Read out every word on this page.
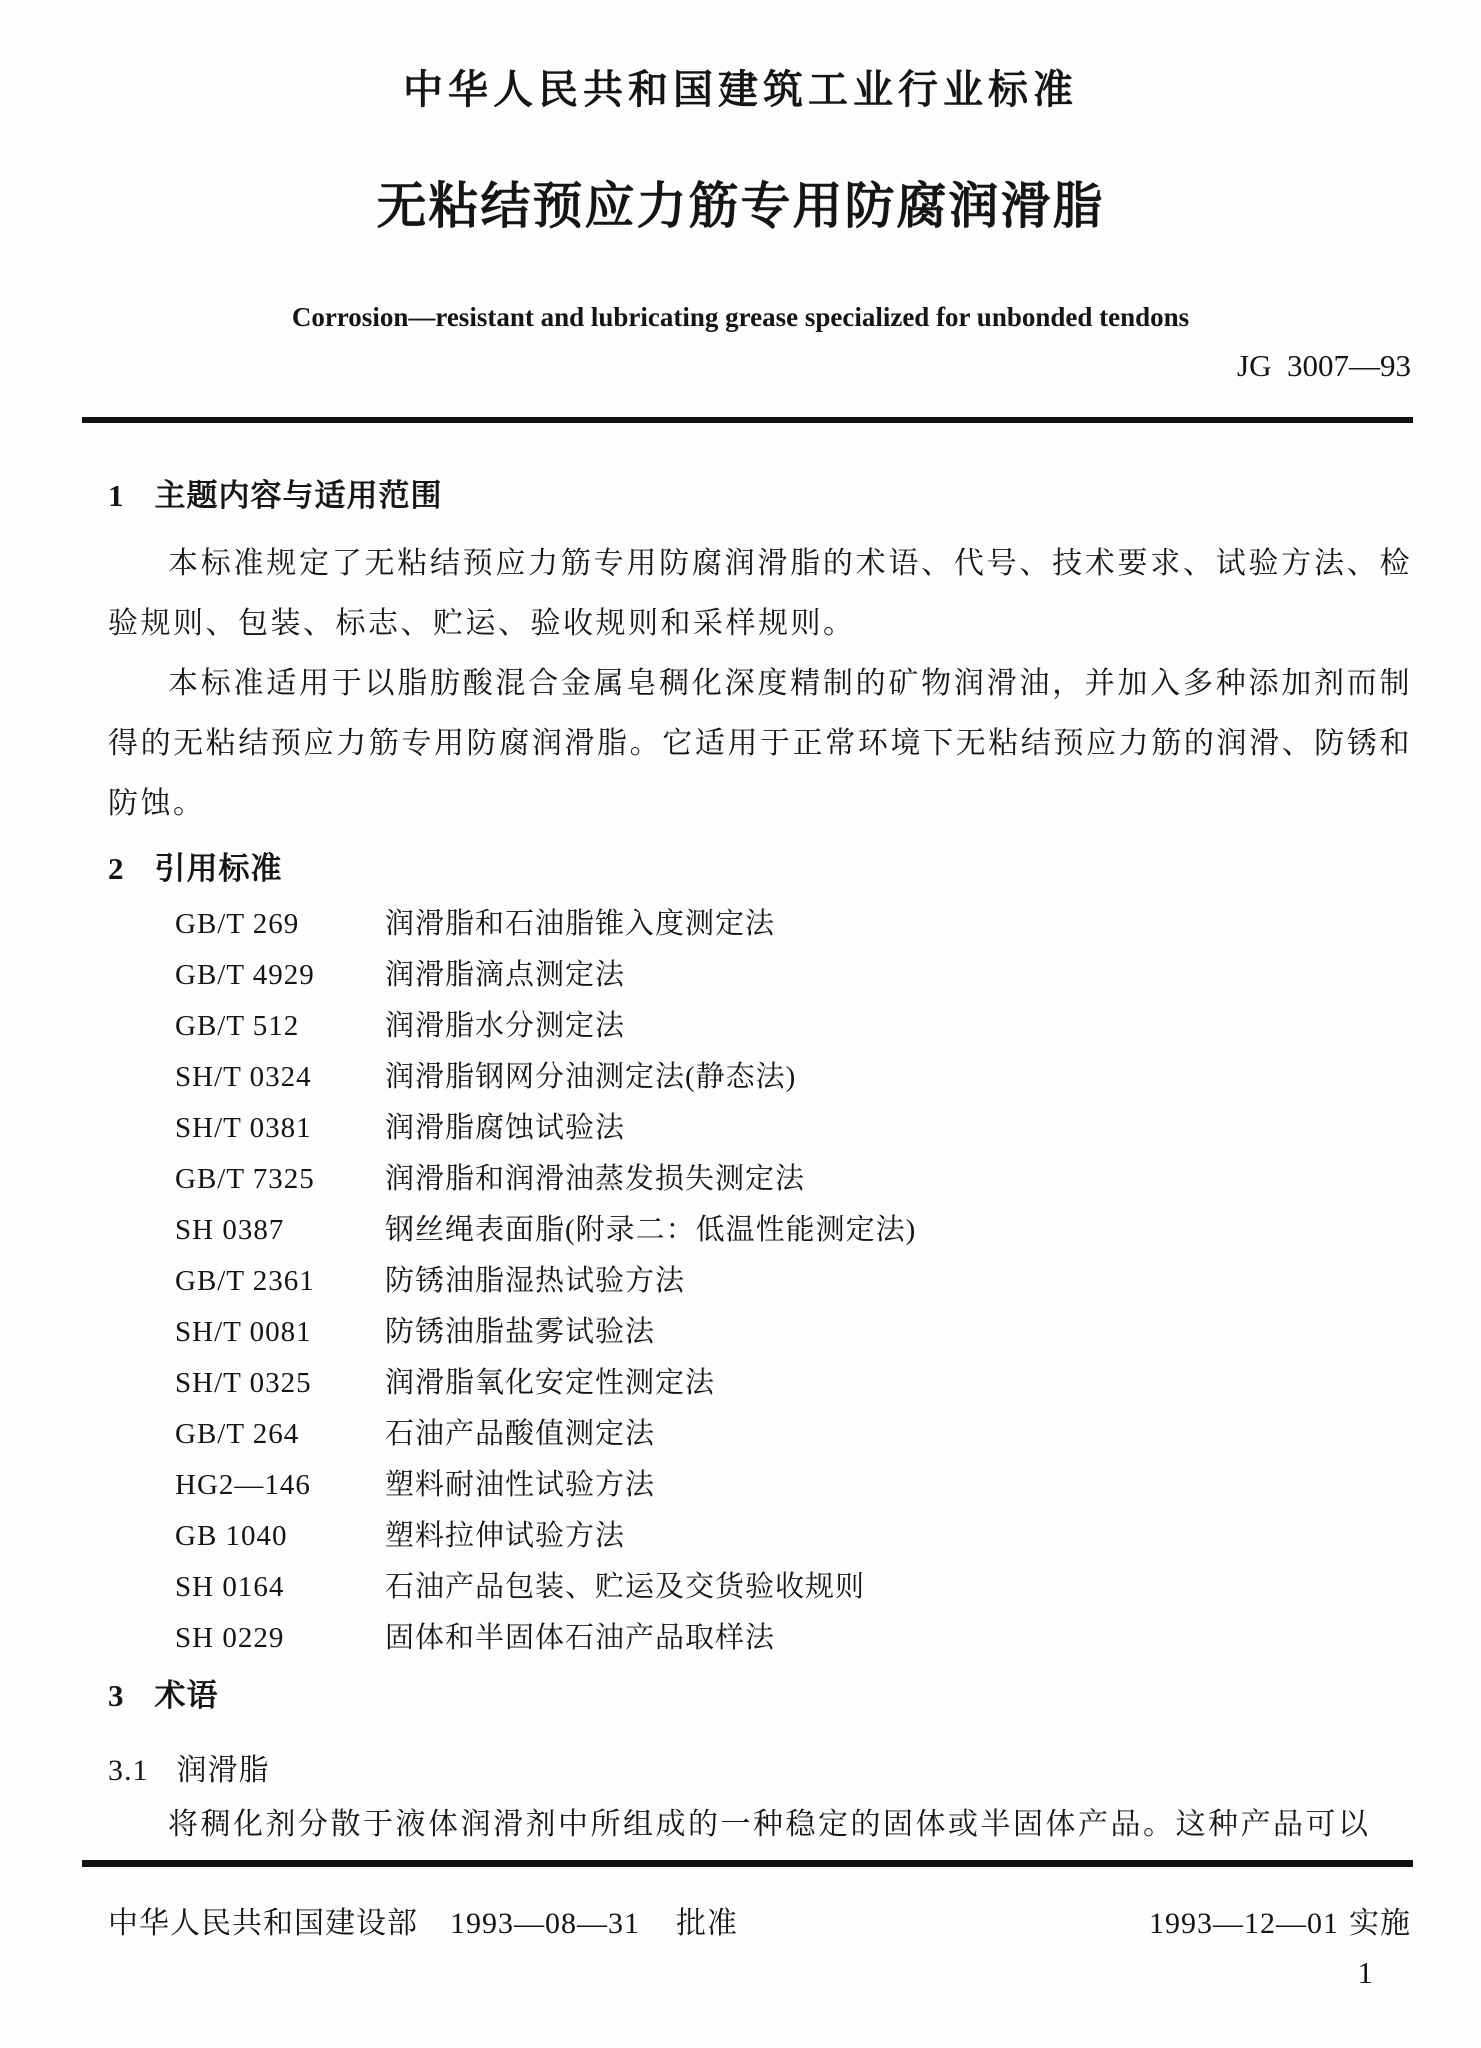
中华人民共和国建筑工业行业标准
无粘结预应力筋专用防腐润滑脂
Corrosion—resistant and lubricating grease specialized for unbonded tendons
JG  3007—93
1 主题内容与适用范围

本标准规定了无粘结预应力筋专用防腐润滑脂的术语、代号、技术要求、试验方法、检验规则、包装、标志、贮运、验收规则和采样规则。

本标准适用于以脂肪酸混合金属皂稠化深度精制的矿物润滑油，并加入多种添加剂而制得的无粘结预应力筋专用防腐润滑脂。它适用于正常环境下无粘结预应力筋的润滑、防锈和防蚀。

2 引用标准
GB/T 269	润滑脂和石油脂锥入度测定法
GB/T 4929 润滑脂滴点测定法
GB/T 512	润滑脂水分测定法
SH/T 0324	润滑脂钢网分油测定法(静态法)
SH/T 0381	润滑脂腐蚀试验法
GB/T 7325 润滑脂和润滑油蒸发损失测定法
SH 0387	钢丝绳表面脂(附录二：低温性能测定法)
GB/T 2361 防锈油脂湿热试验方法
SH/T 0081	防锈油脂盐雾试验法
SH/T 0325	润滑脂氧化安定性测定法
GB/T 264	石油产品酸值测定法
HG2—146	塑料耐油性试验方法
GB 1040	塑料拉伸试验方法
SH 0164	石油产品包装、贮运及交货验收规则
SH 0229	固体和半固体石油产品取样法
3 术语
3.1 润滑脂

将稠化剂分散于液体润滑剂中所组成的一种稳定的固体或半固体产品。这种产品可以

中华人民共和国建设部 1993—08—31 批准	1993—12—01 实施
1
